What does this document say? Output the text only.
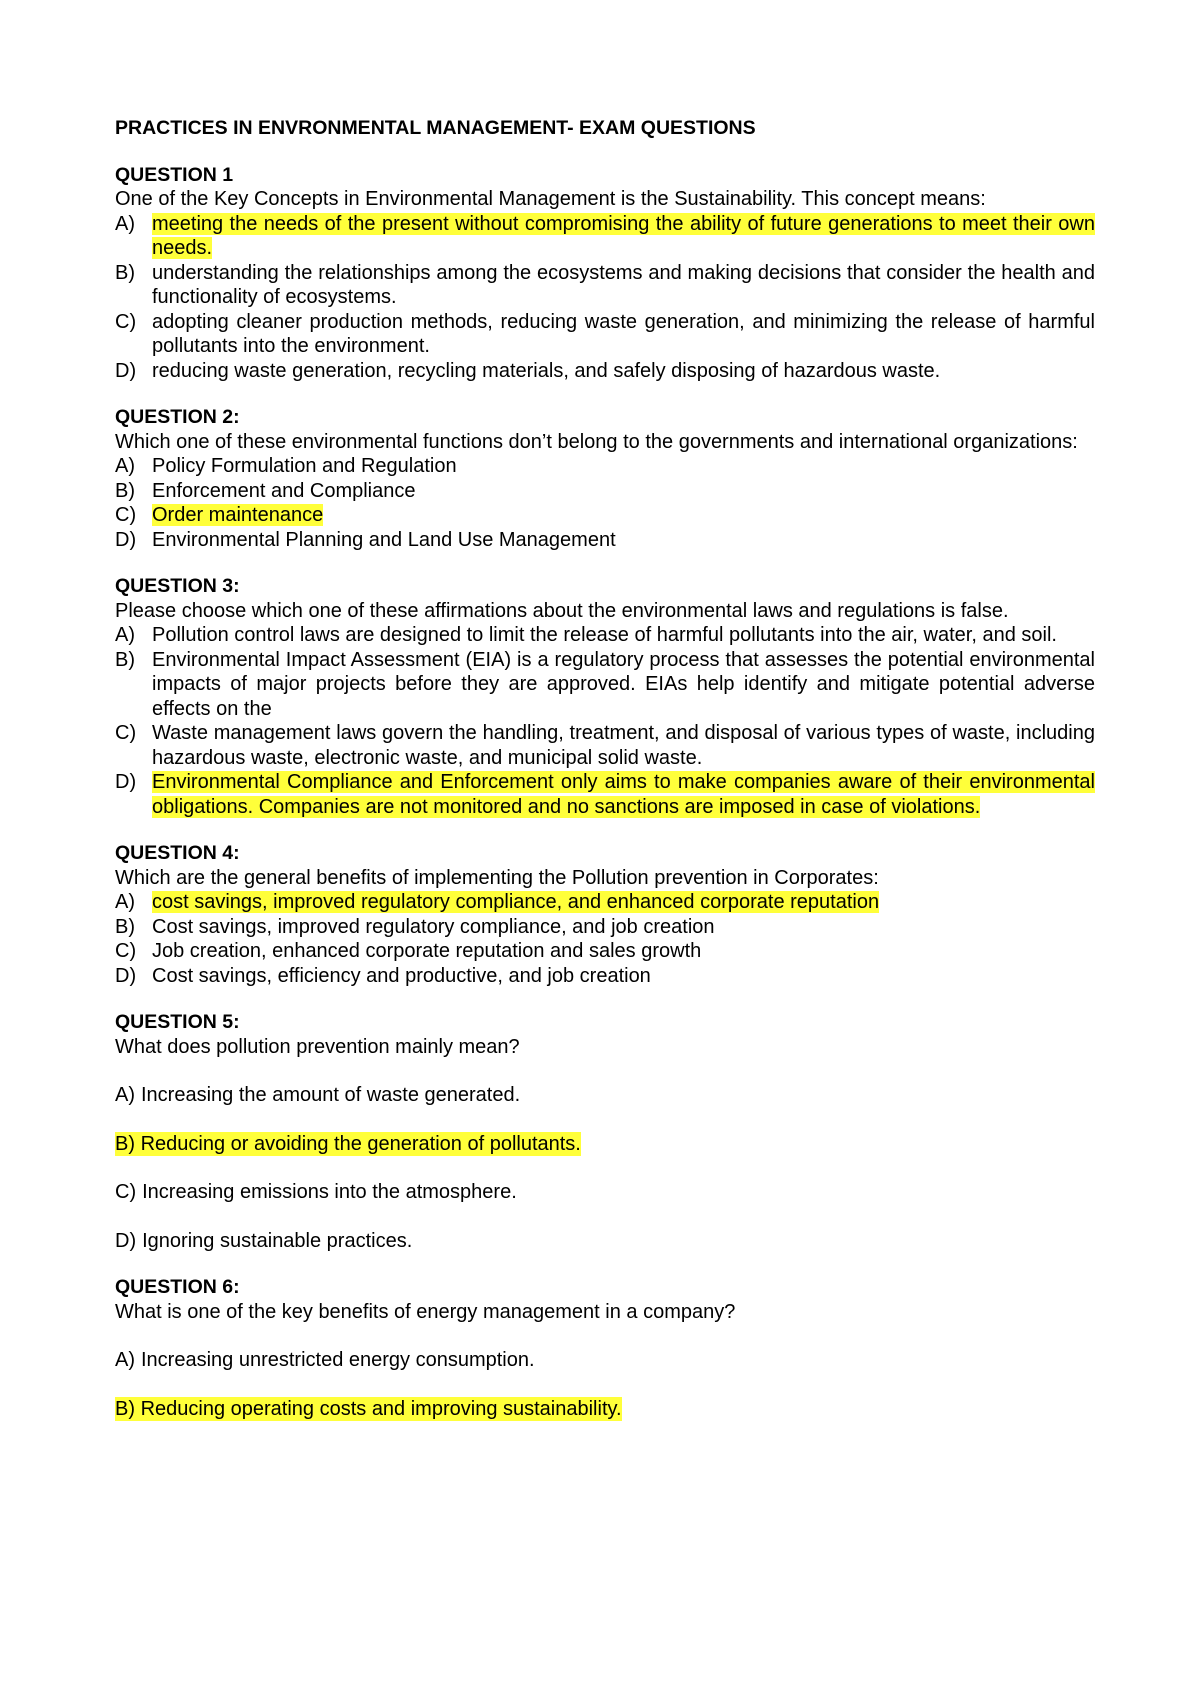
PRACTICES IN ENVRONMENTAL MANAGEMENT- EXAM QUESTIONS
QUESTION 1
One of the Key Concepts in Environmental Management is the Sustainability. This concept means:
A) meeting the needs of the present without compromising the ability of future generations to meet their own needs.
B) understanding the relationships among the ecosystems and making decisions that consider the health and functionality of ecosystems.
C) adopting cleaner production methods, reducing waste generation, and minimizing the release of harmful pollutants into the environment.
D) reducing waste generation, recycling materials, and safely disposing of hazardous waste.
QUESTION 2:
Which one of these environmental functions don’t belong to the governments and international organizations:
A) Policy Formulation and Regulation
B) Enforcement and Compliance
C) Order maintenance
D) Environmental Planning and Land Use Management
QUESTION 3:
Please choose which one of these affirmations about the environmental laws and regulations is false.
A) Pollution control laws are designed to limit the release of harmful pollutants into the air, water, and soil.
B) Environmental Impact Assessment (EIA) is a regulatory process that assesses the potential environmental impacts of major projects before they are approved. EIAs help identify and mitigate potential adverse effects on the
C) Waste management laws govern the handling, treatment, and disposal of various types of waste, including hazardous waste, electronic waste, and municipal solid waste.
D) Environmental Compliance and Enforcement only aims to make companies aware of their environmental obligations. Companies are not monitored and no sanctions are imposed in case of violations.
QUESTION 4:
Which are the general benefits of implementing the Pollution prevention in Corporates:
A) cost savings, improved regulatory compliance, and enhanced corporate reputation
B) Cost savings, improved regulatory compliance, and job creation
C) Job creation, enhanced corporate reputation and sales growth
D) Cost savings, efficiency and productive, and job creation
QUESTION 5:
What does pollution prevention mainly mean?
A) Increasing the amount of waste generated.
B) Reducing or avoiding the generation of pollutants.
C) Increasing emissions into the atmosphere.
D) Ignoring sustainable practices.
QUESTION 6:
What is one of the key benefits of energy management in a company?
A) Increasing unrestricted energy consumption.
B) Reducing operating costs and improving sustainability.
